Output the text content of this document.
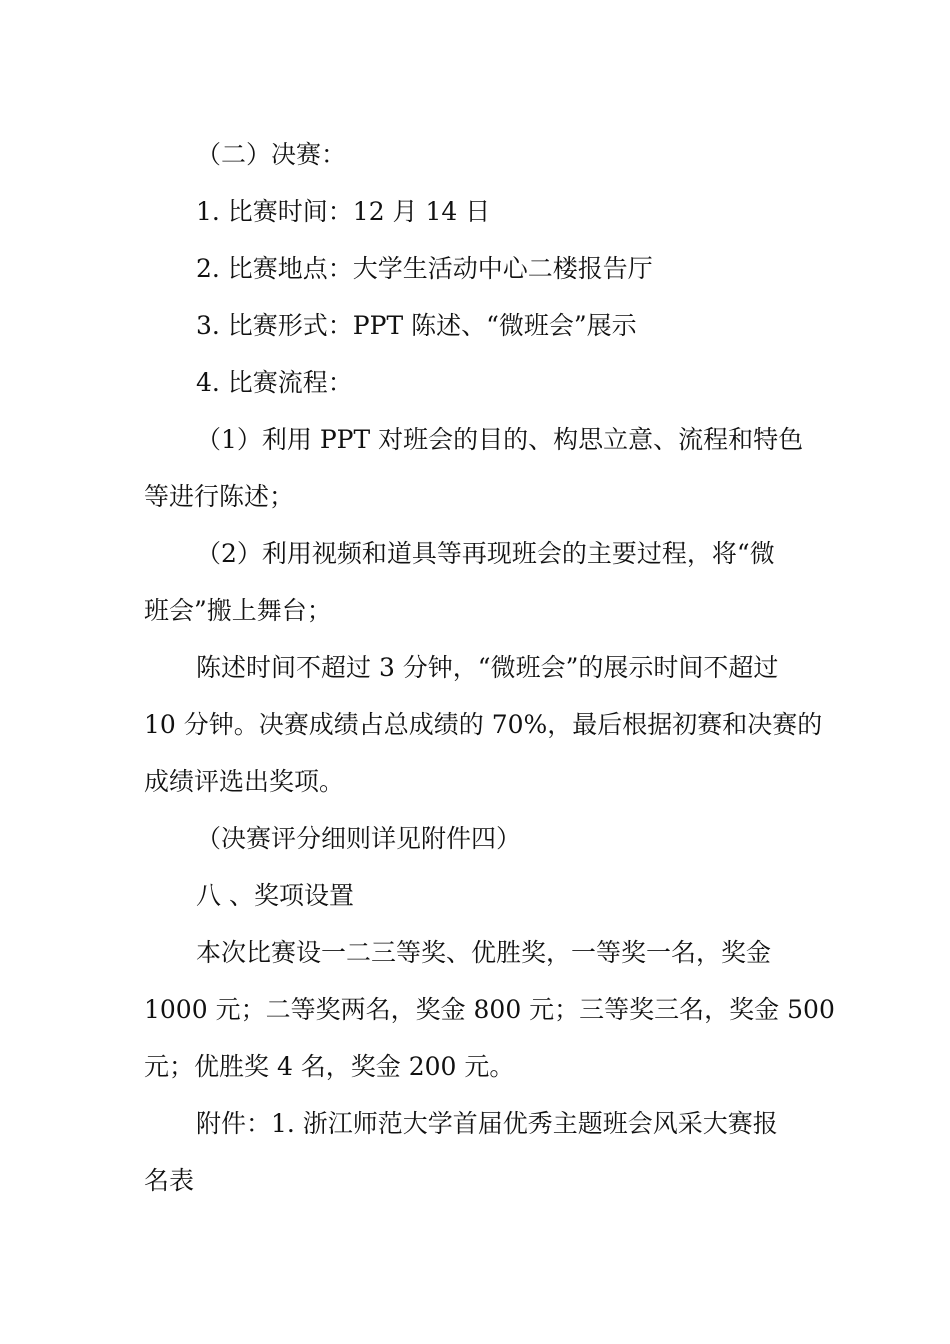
（二）决赛：
1. 比赛时间：12 月 14 日
2. 比赛地点：大学生活动中心二楼报告厅
3. 比赛形式：PPT 陈述、“微班会”展示
4. 比赛流程：
（1）利用 PPT 对班会的目的、构思立意、流程和特色
等进行陈述；
（2）利用视频和道具等再现班会的主要过程，将“微
班会”搬上舞台；
陈述时间不超过 3 分钟，“微班会”的展示时间不超过
10 分钟。决赛成绩占总成绩的 70%，最后根据初赛和决赛的
成绩评选出奖项。
（决赛评分细则详见附件四）
八 、奖项设置
本次比赛设一二三等奖、优胜奖，一等奖一名，奖金
1000 元；二等奖两名，奖金 800 元；三等奖三名，奖金 500
元；优胜奖 4 名，奖金 200 元。
附件：1. 浙江师范大学首届优秀主题班会风采大赛报
名表
